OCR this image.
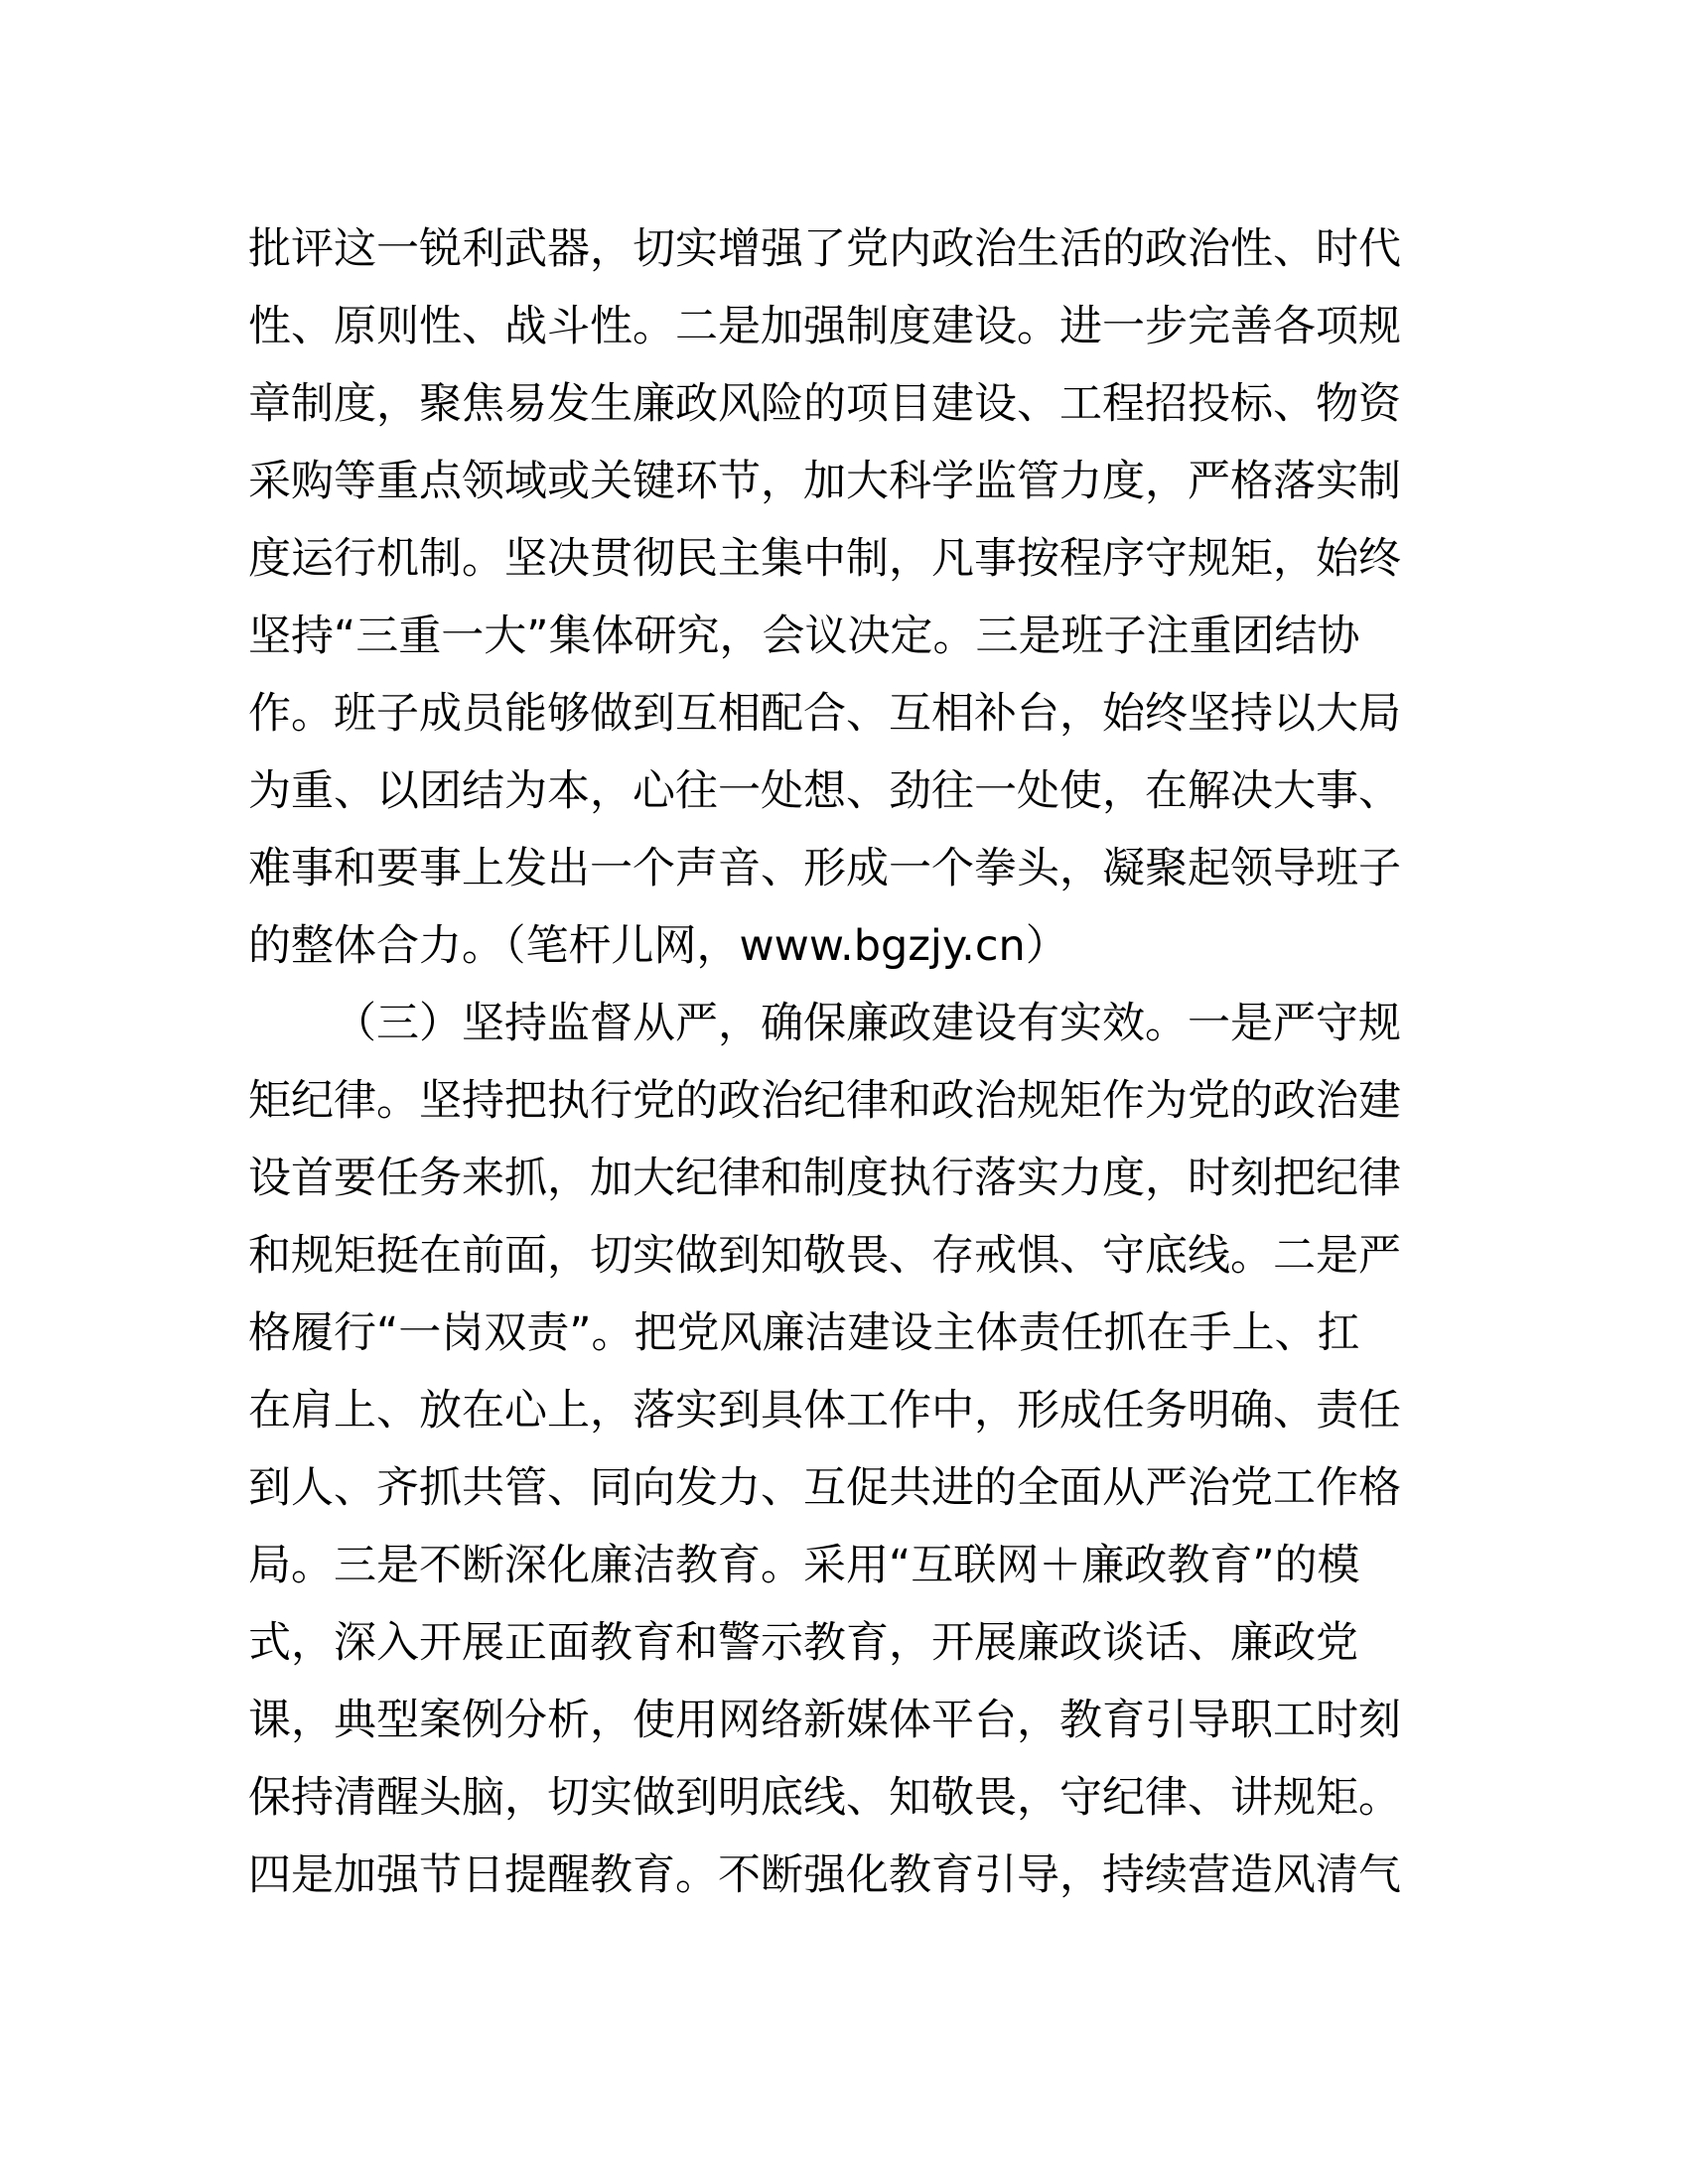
批评这一锐利武器，切实增强了党内政治生活的政治性、时代
性、原则性、战斗性。二是加强制度建设。进一步完善各项规
章制度，聚焦易发生廉政风险的项目建设、工程招投标、物资
采购等重点领域或关键环节，加大科学监管力度，严格落实制
度运行机制。坚决贯彻民主集中制，凡事按程序守规矩，始终
坚持“三重一大”集体研究，会议决定。三是班子注重团结协
作。班子成员能够做到互相配合、互相补台，始终坚持以大局
为重、以团结为本，心往一处想、劲往一处使，在解决大事、
难事和要事上发出一个声音、形成一个拳头，凝聚起领导班子
的整体合力。（笔杆儿网，www.bgzjy.cn）
（三）坚持监督从严，确保廉政建设有实效。一是严守规
矩纪律。坚持把执行党的政治纪律和政治规矩作为党的政治建
设首要任务来抓，加大纪律和制度执行落实力度，时刻把纪律
和规矩挺在前面，切实做到知敬畏、存戒惧、守底线。二是严
格履行“一岗双责”。把党风廉洁建设主体责任抓在手上、扛
在肩上、放在心上，落实到具体工作中，形成任务明确、责任
到人、齐抓共管、同向发力、互促共进的全面从严治党工作格
局。三是不断深化廉洁教育。采用“互联网＋廉政教育”的模
式，深入开展正面教育和警示教育，开展廉政谈话、廉政党
课，典型案例分析，使用网络新媒体平台，教育引导职工时刻
保持清醒头脑，切实做到明底线、知敬畏，守纪律、讲规矩。
四是加强节日提醒教育。不断强化教育引导，持续营造风清气
